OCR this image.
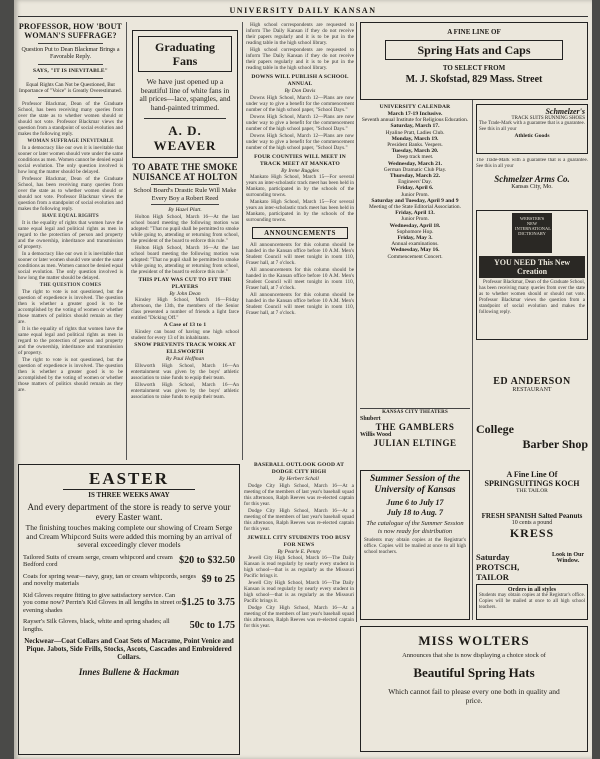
UNIVERSITY DAILY KANSAN
PROFESSOR, HOW 'BOUT WOMAN'S SUFFRAGE?
Question Put to Dean Blackmar Brings a Favorable Reply.
SAYS, "IT IS INEVITABLE"
Equal Rights Can Not be Questioned, But Importance of "Voice" is Greatly Overestimated.

Professor Blackmar, Dean of the Graduate School, has been receiving many queries from over the state as to whether women should or should not vote. Professor Blackmar views the question from a standpoint of social evolution and makes the following reply.

WOMAN SUFFRAGE INEVITABLE

In a democracy like our own it is inevitable that sooner or later women should vote under the same conditions as men. Women cannot be denied equal social evolution. The only question involved is how long the matter should be delayed.

Professor Blackmar, Dean of the Graduate School, has been receiving many queries from over the state as to whether women should or should not vote. Professor Blackmar views the question from a standpoint of social evolution and makes the following reply.

HAVE EQUAL RIGHTS

It is the equality of rights that women have the same equal legal and political rights as men in regard to the protection of person and property and the ownership, inheritance and transmission of property.

In a democracy like our own it is inevitable that sooner or later women should vote under the same conditions as men. Women cannot be denied equal social evolution. The only question involved is how long the matter should be delayed.

THE QUESTION COMES

The right to vote is not questioned, but the question of expedience is involved. The question then is whether a greater good is to be accomplished by the voting of women or whether those matters of politics should remain as they are.

It is the equality of rights that women have the same equal legal and political rights as men in regard to the protection of person and property and the ownership, inheritance and transmission of property.

The right to vote is not questioned, but the question of expedience is involved. The question then is whether a greater good is to be accomplished by the voting of women or whether those matters of politics should remain as they are.

Graduating Fans
We have just opened up a beautiful line of white fans in all prices—lace, spangles, and hand-painted trimmed.
A. D. WEAVER
TO ABATE THE SMOKE NUISANCE AT HOLTON
School Board's Drastic Rule Will Make Every Boy a Robert Reed
By Hazel Platt.

Holton High School, March 16—At the last school board meeting the following motion was adopted: "That no pupil shall be permitted to smoke while going to, attending or returning from school, the president of the board to enforce this rule."

Holton High School, March 16—At the last school board meeting the following motion was adopted: "That no pupil shall be permitted to smoke while going to, attending or returning from school, the president of the board to enforce this rule."

THIS PLAY WAS CUT TO FIT THE PLAYERS
By John Dean

Kinsley High School, March 16—Friday afternoon, the 13th, the members of the Senior class presented a number of friends a light farce entitled "Dicking Off."

A Case of 13 to 1

Kinsley can boast of having one high school student for every 13 of its inhabitants.

SNOW PREVENTS TRACK WORK AT ELLSWORTH
By Paul Hoffman

Ellsworth High School, March 16—An entertainment was given by the boys' athletic association to raise funds to equip their team.

Ellsworth High School, March 16—An entertainment was given by the boys' athletic association to raise funds to equip their team.

BASEBALL OUTLOOK GOOD AT DODGE CITY HIGH
By Herbert Schall

Dodge City High School, March 16—At a meeting of the members of last year's baseball squad this afternoon, Ralph Reeves was re-elected captain for this year.

Dodge City High School, March 16—At a meeting of the members of last year's baseball squad this afternoon, Ralph Reeves was re-elected captain for this year.

JEWELL CITY STUDENTS TOO BUSY FOR NEWS
By Pearle E. Penny

Jewell City High School, March 16—The Daily Kansan is read regularly by nearly every student in high school—that is as regularly as the Missouri Pacific brings it.

Jewell City High School, March 16—The Daily Kansan is read regularly by nearly every student in high school—that is as regularly as the Missouri Pacific brings it.

Dodge City High School, March 16—At a meeting of the members of last year's baseball squad this afternoon, Ralph Reeves was re-elected captain for this year.

High school correspondents are requested to inform The Daily Kansan if they do not receive their papers regularly and it is to be put in the reading table in the high school library.

High school correspondents are requested to inform The Daily Kansan if they do not receive their papers regularly and it is to be put in the reading table in the high school library.

DOWNS WILL PUBLISH A SCHOOL ANNUAL
By Don Davis

Downs High School, March 12—Plans are now under way to give a benefit for the commencement number of the high school paper, "School Days."

Downs High School, March 12—Plans are now under way to give a benefit for the commencement number of the high school paper, "School Days."

Downs High School, March 12—Plans are now under way to give a benefit for the commencement number of the high school paper, "School Days."

FOUR COUNTIES WILL MEET IN TRACK MEET AT MANKATO
By Irene Ruggles

Mankato High School, March 15—For several years an inter-scholastic track meet has been held in Mankato, participated in by the schools of the surrounding towns.

Mankato High School, March 15—For several years an inter-scholastic track meet has been held in Mankato, participated in by the schools of the surrounding towns.

ANNOUNCEMENTS

All announcements for this column should be handed in the Kansan office before 10 A.M. Men's Student Council will meet tonight in room 110, Fraser hall, at 7 o'clock.

All announcements for this column should be handed in the Kansan office before 10 A.M. Men's Student Council will meet tonight in room 110, Fraser hall, at 7 o'clock.

All announcements for this column should be handed in the Kansan office before 10 A.M. Men's Student Council will meet tonight in room 110, Fraser hall, at 7 o'clock.

A FINE LINE OF
Spring Hats and Caps
TO SELECT FROM
M. J. Skofstad, 829 Mass. Street
UNIVERSITY CALENDAR
March 17-19 Inclusive.
Seventh annual Institute for Religious Education.
Saturday, March 17.
Hyaline Pratt, Ladies Club.
Monday, March 19.
President Banks. Vespers.
Tuesday, March 20.
Deep track meet.
Wednesday, March 21.
German Dramatic Club Play.
Thursday, March 22.
Engineers' Day.
Friday, April 6.
Junior Prom.
Saturday and Tuesday, April 9 and 9
Meeting of the State Editorial Association.
Friday, April 13.
Junior Prom.
Wednesday, April 18.
Sophomore Hop.
Friday, May 3.
Annual examinations.
Wednesday, May 16.
Commencement Concert.
KANSAS CITY THEATERS
Shubert
THE GAMBLERS
Willis Wood
JULIAN ELTINGE
Summer Session of the University of Kansas
June 6 to July 17
July 18 to Aug. 7
The catalogue of the Summer Session is now ready for distribution
Students may obtain copies at the Registrar's office. Copies will be mailed at once to all high school teachers.
Schmelzer's
TRACK SUITS RUNNING SHOES
The Trade-Mark with a guarantee that is a guarantee. See this in all your
Athletic Goods
The Trade-Mark with a guarantee that is a guarantee. See this in all your
Schmelzer Arms Co.
Kansas City, Mo.
WEBSTER'S NEW INTERNATIONAL DICTIONARY
YOU NEED This New Creation

Professor Blackmar, Dean of the Graduate School, has been receiving many queries from over the state as to whether women should or should not vote. Professor Blackmar views the question from a standpoint of social evolution and makes the following reply.

ED ANDERSON
RESTAURANT
College
Barber Shop
A Fine Line Of SPRINGSUITINGS KOCH
THE TAILOR
FRESH SPANISH Salted Peanuts
10 cents a pound
KRESS
Saturday PROTSCH, TAILOR
Look in Our Window.
Orders in all styles
Students may obtain copies at the Registrar's office. Copies will be mailed at once to all high school teachers.
EASTER
IS THREE WEEKS AWAY
And every department of the store is ready to serve your every Easter want.
The finishing touches making complete our showing of Cream Serge and Cream Whipcord Suits were added this morning by an arrival of several exceedingly clever models
Tailored Suits of cream serge, cream whipcord and cream Bedford cord	$20 to $32.50
Coats for spring wear—navy, gray, tan or cream whipcords, serges and novelty materials	$9 to 25
Kid Gloves require fitting to give satisfactory service. Can you come now? Perrin's Kid Gloves in all lengths in street or evening shades
$1.25 to 3.75
Rayser's Silk Gloves, black, white and spring shades; all lengths.	50c to 1.75
Neckwear—Coat Collars and Coat Sets of Macrame, Point Venice and Pique. Jabots, Side Frills, Stocks, Ascots, Cascades and Embroidered Collars.
Innes Bullene & Hackman
MISS WOLTERS
Announces that she is now displaying a choice stock of
Beautiful Spring Hats
Which cannot fail to please every one both in quality and price.
